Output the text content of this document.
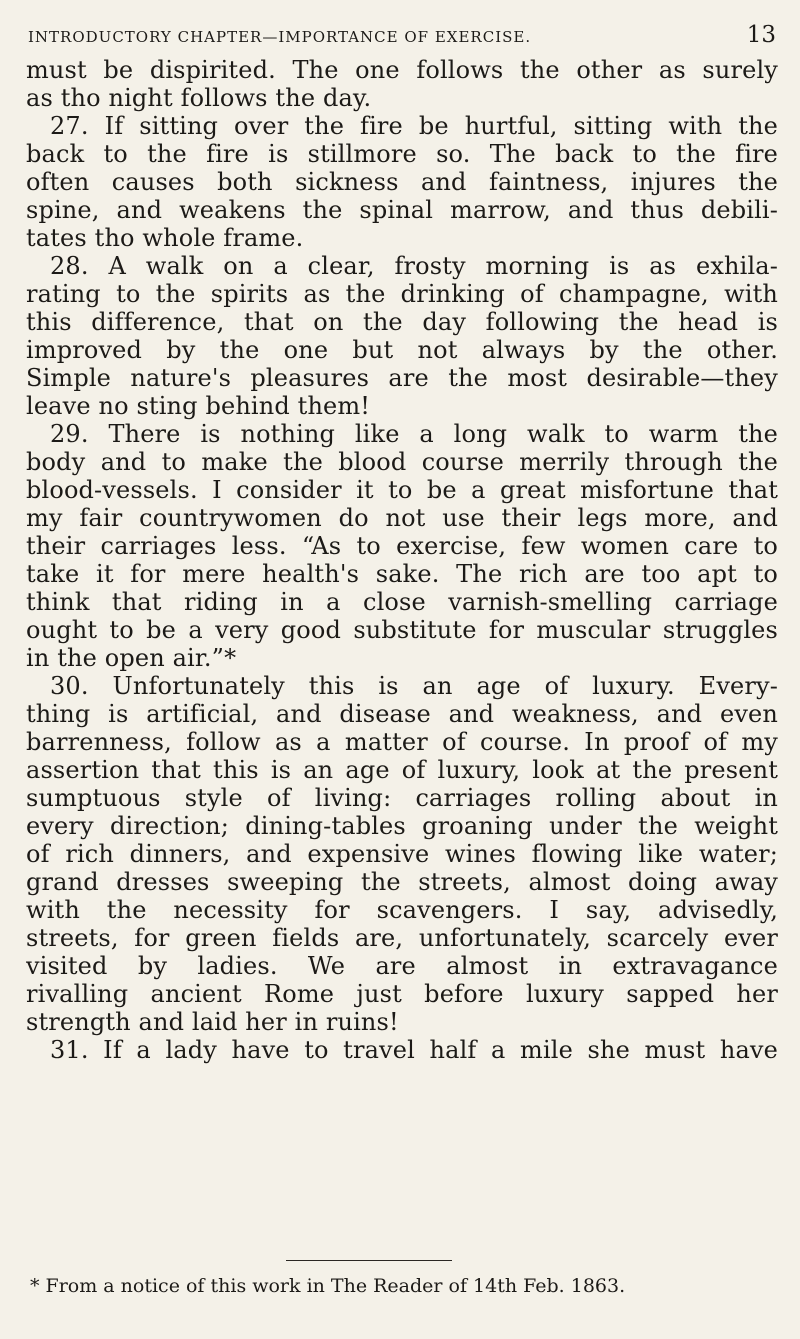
INTRODUCTORY CHAPTER—IMPORTANCE OF EXERCISE.	13
must be dispirited. The one follows the other as surely
as tho night follows the day.
27. If sitting over the fire be hurtful, sitting with the
back to the fire is stillmore so. The back to the fire
often causes both sickness and faintness, injures the
spine, and weakens the spinal marrow, and thus debili-
tates tho whole frame.
28. A walk on a clear, frosty morning is as exhila-
rating to the spirits as the drinking of champagne, with
this difference, that on the day following the head is
improved by the one but not always by the other.
Simple nature's pleasures are the most desirable—they
leave no sting behind them!
29. There is nothing like a long walk to warm the
body and to make the blood course merrily through the
blood-vessels. I consider it to be a great misfortune that
my fair countrywomen do not use their legs more, and
their carriages less. “As to exercise, few women care to
take it for mere health's sake. The rich are too apt to
think that riding in a close varnish-smelling carriage
ought to be a very good substitute for muscular struggles
in the open air.”*
30. Unfortunately this is an age of luxury. Every-
thing is artificial, and disease and weakness, and even
barrenness, follow as a matter of course. In proof of my
assertion that this is an age of luxury, look at the present
sumptuous style of living: carriages rolling about in
every direction; dining-tables groaning under the weight
of rich dinners, and expensive wines flowing like water;
grand dresses sweeping the streets, almost doing away
with the necessity for scavengers. I say, advisedly,
streets, for green fields are, unfortunately, scarcely ever
visited by ladies. We are almost in extravagance
rivalling ancient Rome just before luxury sapped her
strength and laid her in ruins!
31. If a lady have to travel half a mile she must have
* From a notice of this work in The Reader of 14th Feb. 1863.
